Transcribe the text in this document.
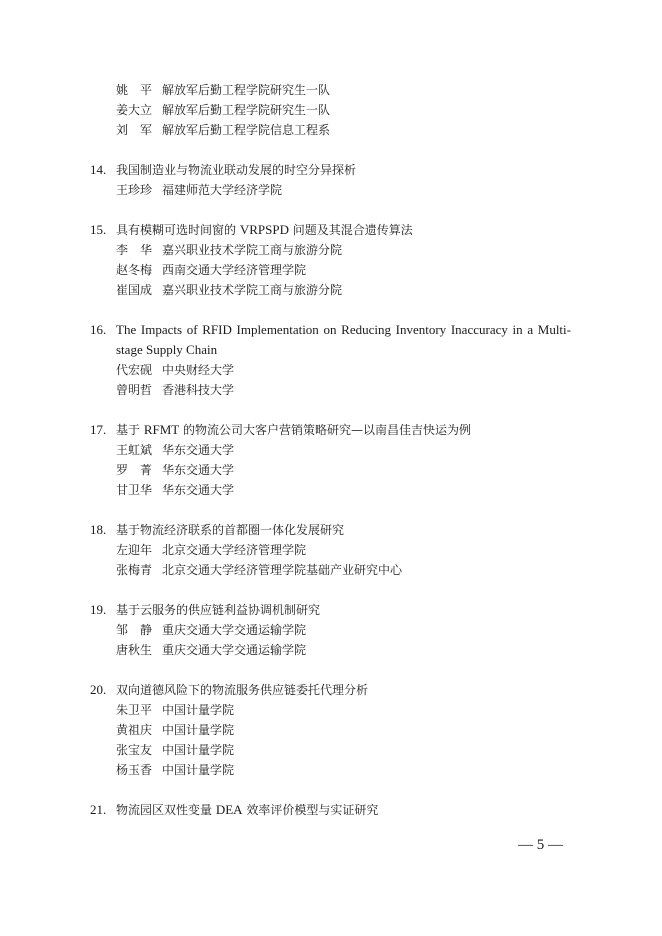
姚　平 解放军后勤工程学院研究生一队
姜大立 解放军后勤工程学院研究生一队
刘　军 解放军后勤工程学院信息工程系
14. 我国制造业与物流业联动发展的时空分异探析
王珍珍 福建师范大学经济学院
15. 具有模糊可选时间窗的 VRPSPD 问题及其混合遗传算法
李　华 嘉兴职业技术学院工商与旅游分院
赵冬梅 西南交通大学经济管理学院
崔国成 嘉兴职业技术学院工商与旅游分院
16. The Impacts of RFID Implementation on Reducing Inventory Inaccuracy in a Multi-stage Supply Chain
代宏砚 中央财经大学
曾明哲 香港科技大学
17. 基于 RFMT 的物流公司大客户营销策略研究—以南昌佳吉快运为例
王虹斌 华东交通大学
罗　菁 华东交通大学
甘卫华 华东交通大学
18. 基于物流经济联系的首都圈一体化发展研究
左迎年 北京交通大学经济管理学院
张梅青 北京交通大学经济管理学院基础产业研究中心
19. 基于云服务的供应链利益协调机制研究
邹　静 重庆交通大学交通运输学院
唐秋生 重庆交通大学交通运输学院
20. 双向道德风险下的物流服务供应链委托代理分析
朱卫平 中国计量学院
黄祖庆 中国计量学院
张宝友 中国计量学院
杨玉香 中国计量学院
21. 物流园区双性变量 DEA 效率评价模型与实证研究
— 5 —
